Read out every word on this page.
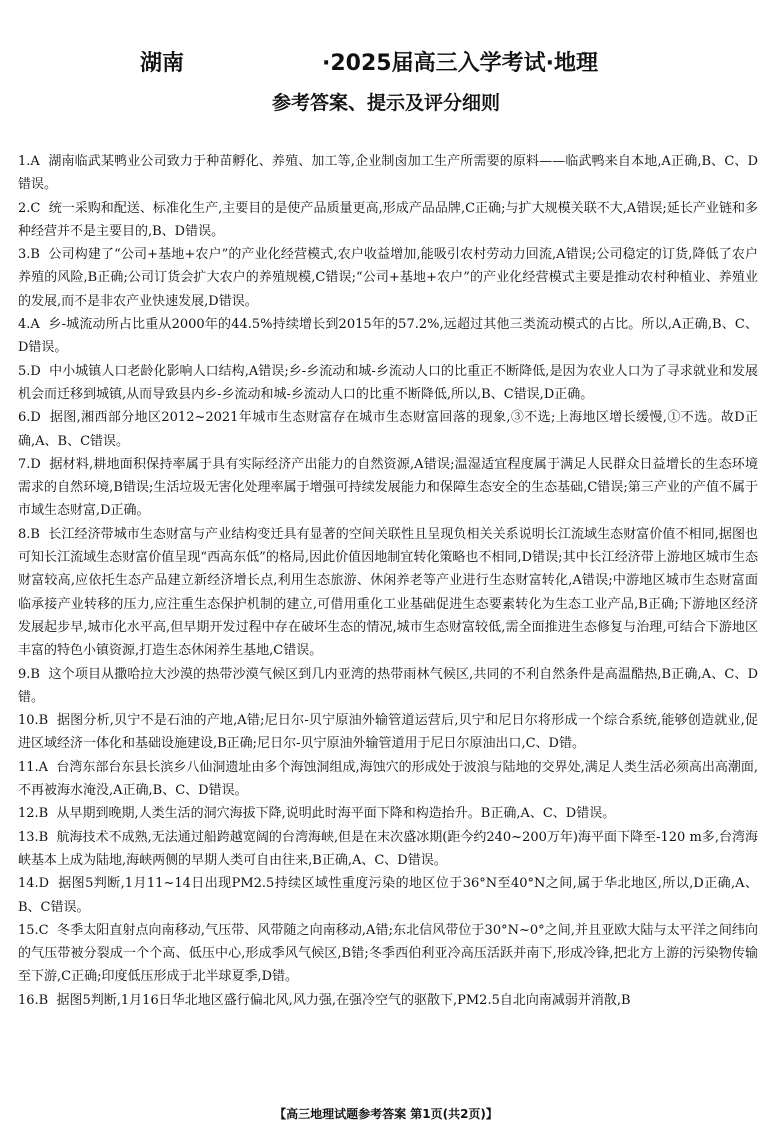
湖南	·2025届高三入学考试·地理
参考答案、提示及评分细则

1.A 湖南临武某鸭业公司致力于种苗孵化、养殖、加工等,企业制卤加工生产所需要的原料——临武鸭来自本地,A正确,B、C、D错误。

2.C 统一采购和配送、标准化生产,主要目的是使产品质量更高,形成产品品牌,C正确;与扩大规模关联不大,A错误;延长产业链和多种经营并不是主要目的,B、D错误。

3.B 公司构建了“公司+基地+农户”的产业化经营模式,农户收益增加,能吸引农村劳动力回流,A错误;公司稳定的订货,降低了农户养殖的风险,B正确;公司订货会扩大农户的养殖规模,C错误;“公司+基地+农户”的产业化经营模式主要是推动农村种植业、养殖业的发展,而不是非农产业快速发展,D错误。

4.A 乡-城流动所占比重从2000年的44.5%持续增长到2015年的57.2%,远超过其他三类流动模式的占比。所以,A正确,B、C、D错误。

5.D 中小城镇人口老龄化影响人口结构,A错误;乡-乡流动和城-乡流动人口的比重正不断降低,是因为农业人口为了寻求就业和发展机会而迁移到城镇,从而导致县内乡-乡流动和城-乡流动人口的比重不断降低,所以,B、C错误,D正确。

6.D 据图,湘西部分地区2012~2021年城市生态财富存在城市生态财富回落的现象,③不选;上海地区增长缓慢,①不选。故D正确,A、B、C错误。

7.D 据材料,耕地面积保持率属于具有实际经济产出能力的自然资源,A错误;温湿适宜程度属于满足人民群众日益增长的生态环境需求的自然环境,B错误;生活垃圾无害化处理率属于增强可持续发展能力和保障生态安全的生态基础,C错误;第三产业的产值不属于市域生态财富,D正确。

8.B 长江经济带城市生态财富与产业结构变迁具有显著的空间关联性且呈现负相关关系说明长江流域生态财富价值不相同,据图也可知长江流域生态财富价值呈现“西高东低”的格局,因此价值因地制宜转化策略也不相同,D错误;其中长江经济带上游地区城市生态财富较高,应依托生态产品建立新经济增长点,利用生态旅游、休闲养老等产业进行生态财富转化,A错误;中游地区城市生态财富面临承接产业转移的压力,应注重生态保护机制的建立,可借用重化工业基础促进生态要素转化为生态工业产品,B正确;下游地区经济发展起步早,城市化水平高,但早期开发过程中存在破坏生态的情况,城市生态财富较低,需全面推进生态修复与治理,可结合下游地区丰富的特色小镇资源,打造生态休闲养生基地,C错误。

9.B 这个项目从撒哈拉大沙漠的热带沙漠气候区到几内亚湾的热带雨林气候区,共同的不利自然条件是高温酷热,B正确,A、C、D错。

10.B 据图分析,贝宁不是石油的产地,A错;尼日尔-贝宁原油外输管道运营后,贝宁和尼日尔将形成一个综合系统,能够创造就业,促进区域经济一体化和基础设施建设,B正确;尼日尔-贝宁原油外输管道用于尼日尔原油出口,C、D错。

11.A 台湾东部台东县长滨乡八仙洞遗址由多个海蚀洞组成,海蚀穴的形成处于波浪与陆地的交界处,满足人类生活必须高出高潮面,不再被海水淹没,A正确,B、C、D错误。

12.B 从早期到晚期,人类生活的洞穴海拔下降,说明此时海平面下降和构造抬升。B正确,A、C、D错误。

13.B 航海技术不成熟,无法通过船跨越宽阔的台湾海峡,但是在末次盛冰期(距今约240~200万年)海平面下降至-120 m多,台湾海峡基本上成为陆地,海峡两侧的早期人类可自由往来,B正确,A、C、D错误。

14.D 据图5判断,1月11~14日出现PM2.5持续区域性重度污染的地区位于36°N至40°N之间,属于华北地区,所以,D正确,A、B、C错误。

15.C 冬季太阳直射点向南移动,气压带、风带随之向南移动,A错;东北信风带位于30°N~0°之间,并且亚欧大陆与太平洋之间纬向的气压带被分裂成一个个高、低压中心,形成季风气候区,B错;冬季西伯利亚冷高压活跃并南下,形成冷锋,把北方上游的污染物传输至下游,C正确;印度低压形成于北半球夏季,D错。

16.B 据图5判断,1月16日华北地区盛行偏北风,风力强,在强冷空气的驱散下,PM2.5自北向南减弱并消散,B

【高三地理试题参考答案 第1页(共2页)】
